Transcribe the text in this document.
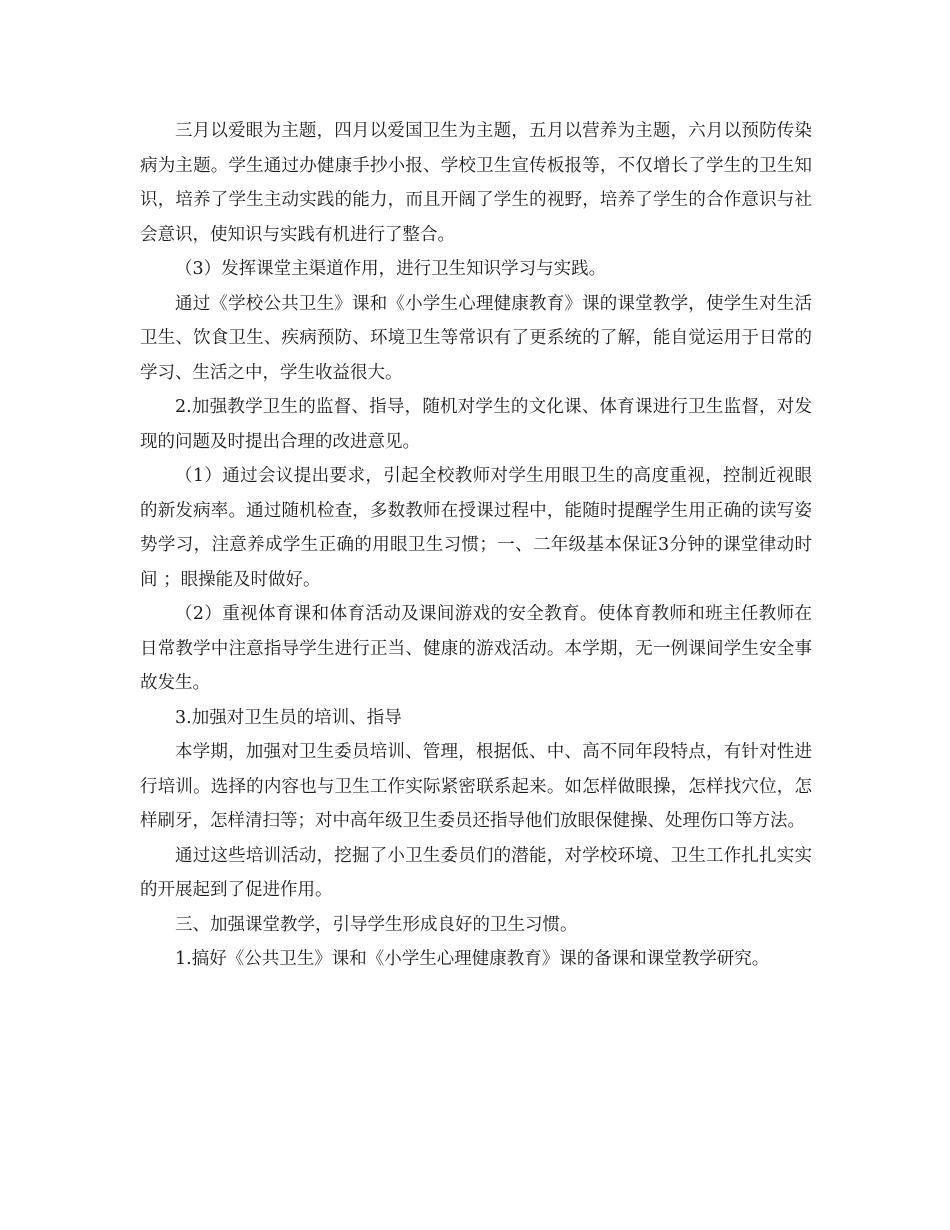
三月以爱眼为主题，四月以爱国卫生为主题，五月以营养为主题，六月以预防传染病为主题。学生通过办健康手抄小报、学校卫生宣传板报等，不仅增长了学生的卫生知识，培养了学生主动实践的能力，而且开阔了学生的视野，培养了学生的合作意识与社会意识，使知识与实践有机进行了整合。

（3）发挥课堂主渠道作用，进行卫生知识学习与实践。

通过《学校公共卫生》课和《小学生心理健康教育》课的课堂教学，使学生对生活卫生、饮食卫生、疾病预防、环境卫生等常识有了更系统的了解，能自觉运用于日常的学习、生活之中，学生收益很大。

2.加强教学卫生的监督、指导，随机对学生的文化课、体育课进行卫生监督，对发现的问题及时提出合理的改进意见。

（1）通过会议提出要求，引起全校教师对学生用眼卫生的高度重视，控制近视眼的新发病率。通过随机检查，多数教师在授课过程中，能随时提醒学生用正确的读写姿势学习，注意养成学生正确的用眼卫生习惯；一、二年级基本保证3分钟的课堂律动时间 ；眼操能及时做好。

（2）重视体育课和体育活动及课间游戏的安全教育。使体育教师和班主任教师在日常教学中注意指导学生进行正当、健康的游戏活动。本学期，无一例课间学生安全事故发生。

3.加强对卫生员的培训、指导

本学期，加强对卫生委员培训、管理，根据低、中、高不同年段特点，有针对性进行培训。选择的内容也与卫生工作实际紧密联系起来。如怎样做眼操，怎样找穴位，怎样刷牙，怎样清扫等；对中高年级卫生委员还指导他们放眼保健操、处理伤口等方法。

通过这些培训活动，挖掘了小卫生委员们的潜能，对学校环境、卫生工作扎扎实实的开展起到了促进作用。

三、加强课堂教学，引导学生形成良好的卫生习惯。

1.搞好《公共卫生》课和《小学生心理健康教育》课的备课和课堂教学研究。
